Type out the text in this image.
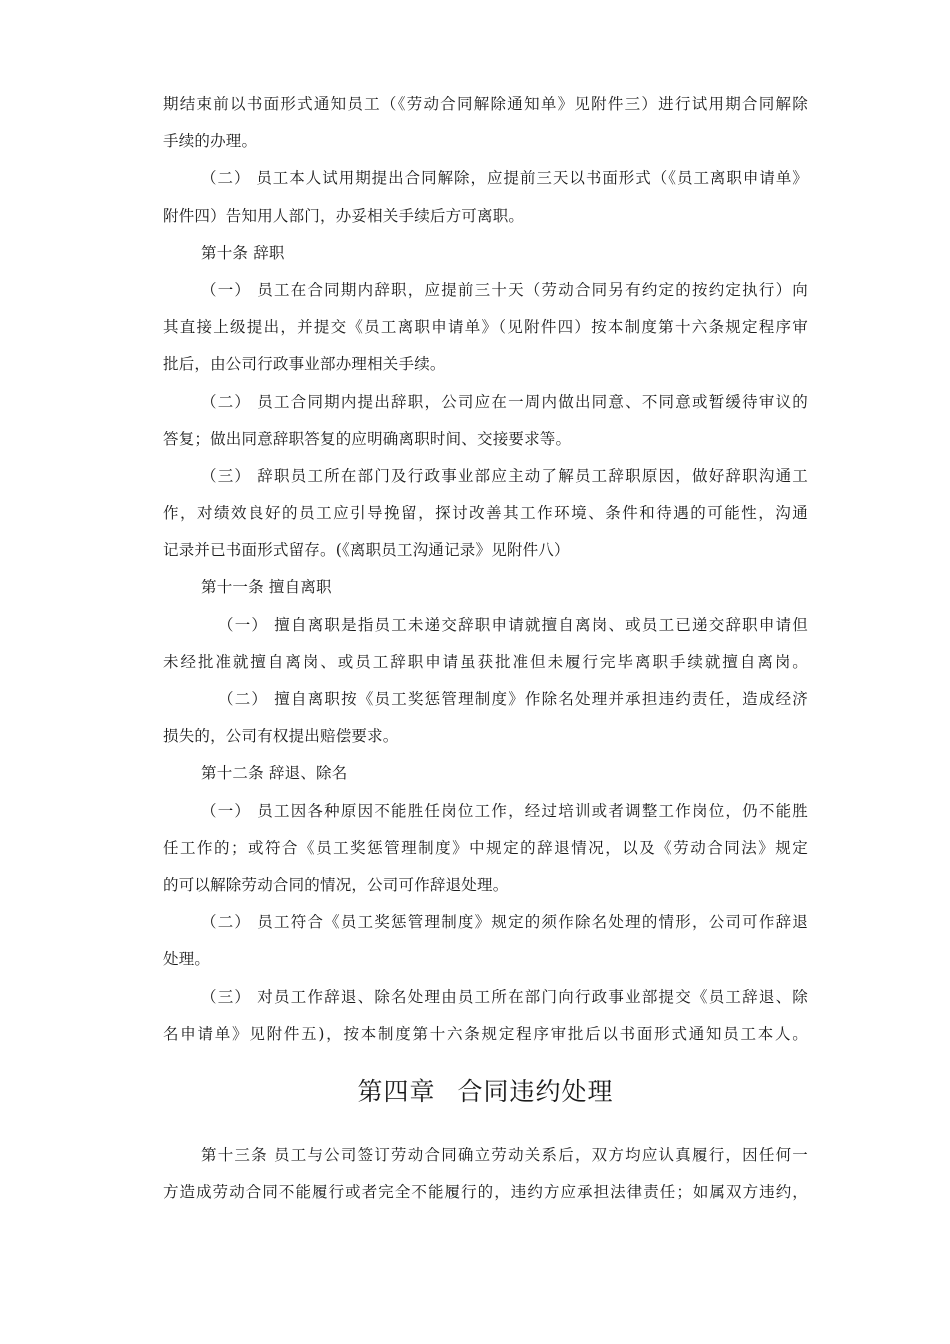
期结束前以书面形式通知员工（《劳动合同解除通知单》见附件三）进行试用期合同解除
手续的办理。
（二） 员工本人试用期提出合同解除，应提前三天以书面形式（《员工离职申请单》
附件四）告知用人部门，办妥相关手续后方可离职。
第十条 辞职
（一） 员工在合同期内辞职，应提前三十天（劳动合同另有约定的按约定执行）向
其直接上级提出，并提交《员工离职申请单》（见附件四）按本制度第十六条规定程序审
批后，由公司行政事业部办理相关手续。
（二） 员工合同期内提出辞职，公司应在一周内做出同意、不同意或暂缓待审议的
答复；做出同意辞职答复的应明确离职时间、交接要求等。
（三） 辞职员工所在部门及行政事业部应主动了解员工辞职原因，做好辞职沟通工
作，对绩效良好的员工应引导挽留，探讨改善其工作环境、条件和待遇的可能性，沟通
记录并已书面形式留存。(《离职员工沟通记录》见附件八）
第十一条 擅自离职
（一） 擅自离职是指员工未递交辞职申请就擅自离岗、或员工已递交辞职申请但
未经批准就擅自离岗、或员工辞职申请虽获批准但未履行完毕离职手续就擅自离岗。
（二） 擅自离职按《员工奖惩管理制度》作除名处理并承担违约责任，造成经济
损失的，公司有权提出赔偿要求。
第十二条 辞退、除名
（一） 员工因各种原因不能胜任岗位工作，经过培训或者调整工作岗位，仍不能胜
任工作的；或符合《员工奖惩管理制度》中规定的辞退情况，以及《劳动合同法》规定
的可以解除劳动合同的情况，公司可作辞退处理。
（二） 员工符合《员工奖惩管理制度》规定的须作除名处理的情形，公司可作辞退
处理。
（三） 对员工作辞退、除名处理由员工所在部门向行政事业部提交《员工辞退、除
名申请单》见附件五)，按本制度第十六条规定程序审批后以书面形式通知员工本人。
第四章 合同违约处理
第十三条 员工与公司签订劳动合同确立劳动关系后，双方均应认真履行，因任何一
方造成劳动合同不能履行或者完全不能履行的，违约方应承担法律责任；如属双方违约，
